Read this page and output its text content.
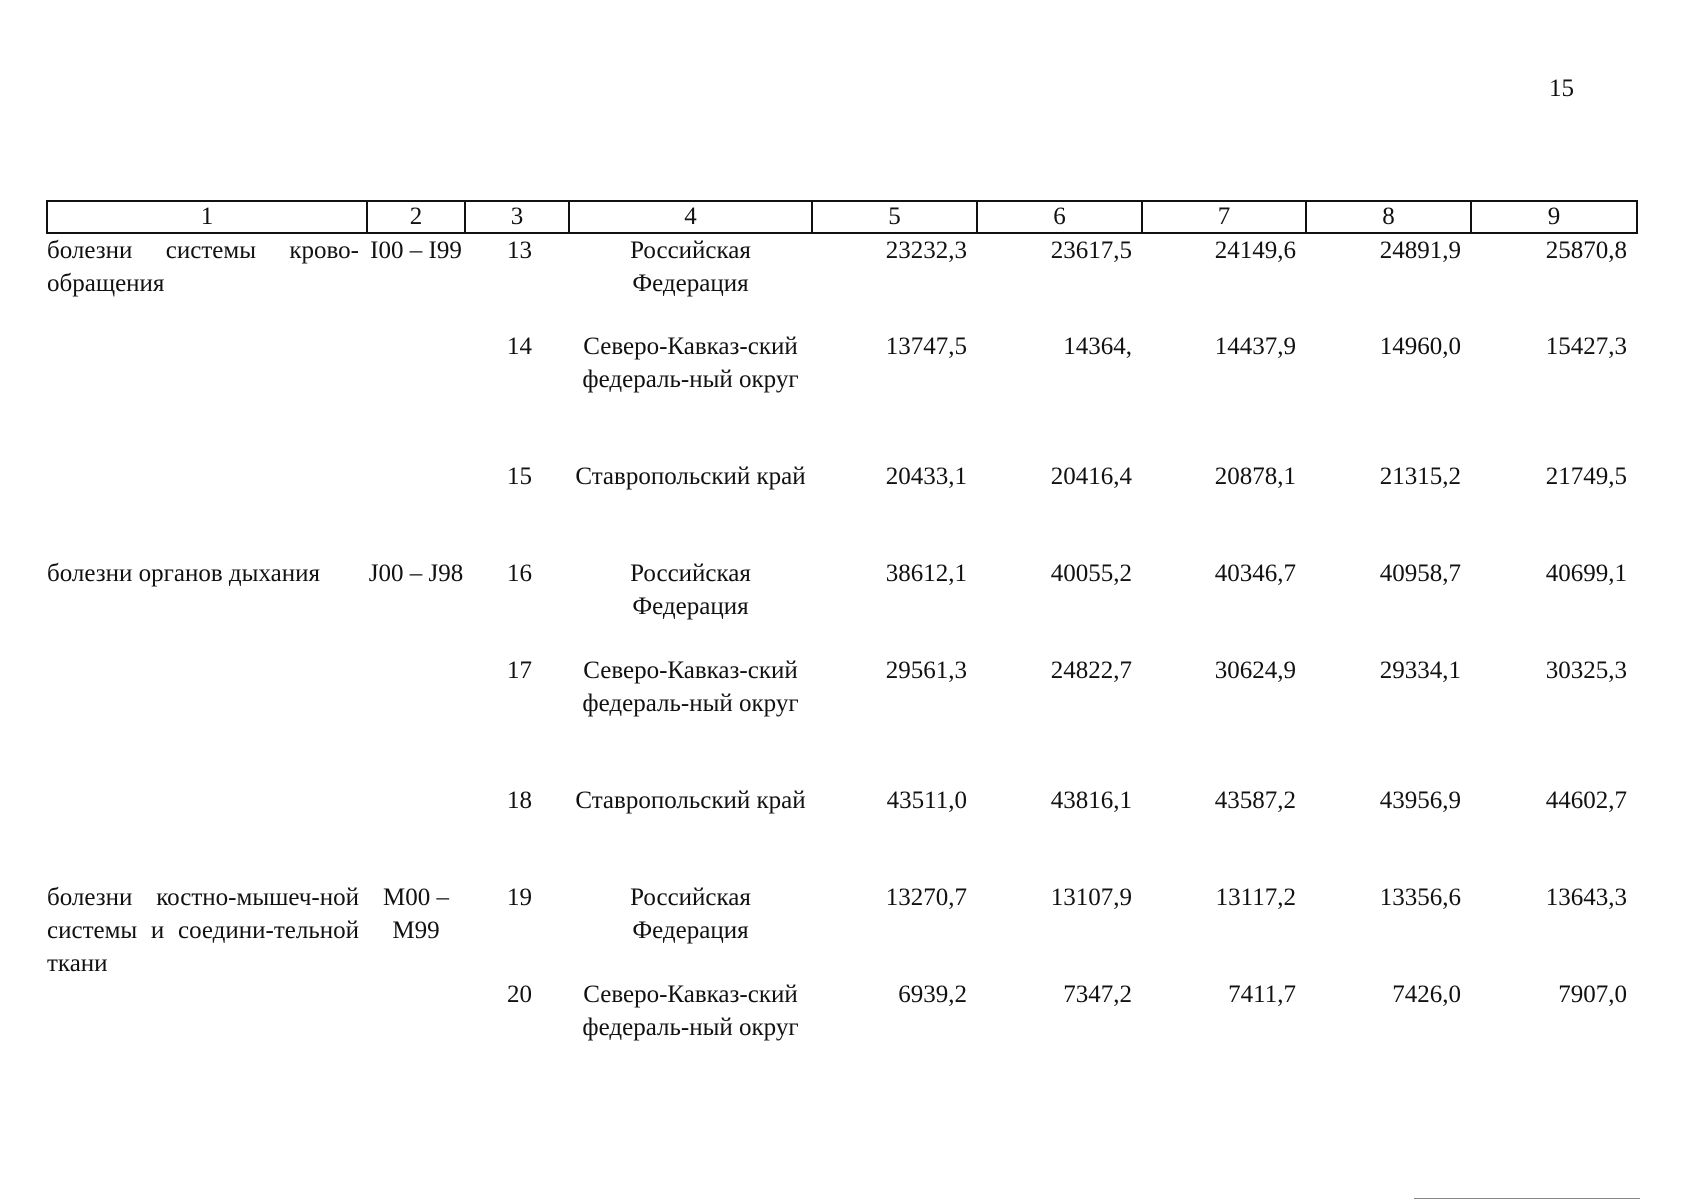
15
1	2	3	4	5	6	7	8	9
болезни системы крово-обращения	I00 – I99	13	Российская Федерация	23232,3	23617,5	24149,6	24891,9	25870,8
		14	Северо-Кавказ-ский федераль-ный округ	13747,5	14364,	14437,9	14960,0	15427,3
		15	Ставропольский край	20433,1	20416,4	20878,1	21315,2	21749,5
болезни органов дыхания	J00 – J98	16	Российская Федерация	38612,1	40055,2	40346,7	40958,7	40699,1
		17	Северо-Кавказ-ский федераль-ный округ	29561,3	24822,7	30624,9	29334,1	30325,3
		18	Ставропольский край	43511,0	43816,1	43587,2	43956,9	44602,7
болезни костно-мышеч-ной системы и соедини-тельной ткани	M00 – M99	19	Российская Федерация	13270,7	13107,9	13117,2	13356,6	13643,3
		20	Северо-Кавказ-ский федераль-ный округ	6939,2	7347,2	7411,7	7426,0	7907,0
